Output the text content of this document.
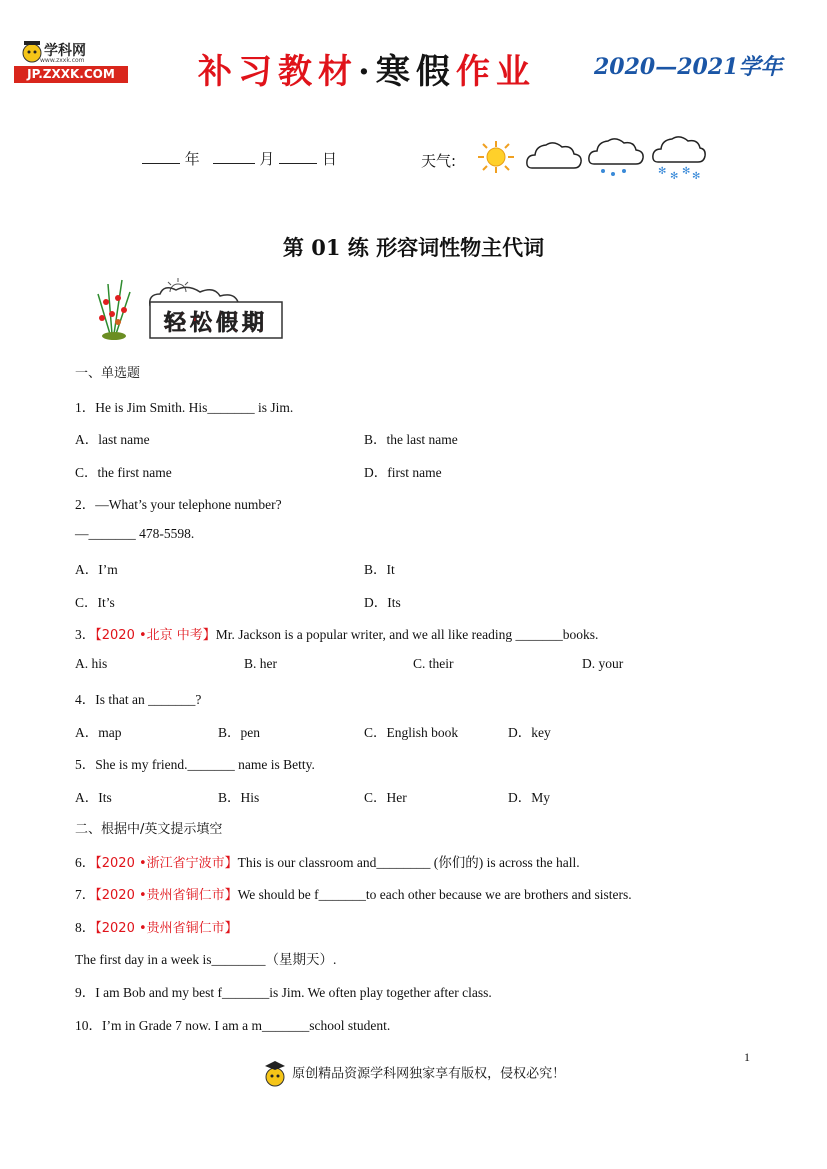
学科网
www.zxxk.com
JP.ZXXK.COM	补习教材·寒假作业	2020—2021学年
年	月	日	天气:
✻ ✻ ✻ ✻
第 01 练 形容词性物主代词
轻松假期
一、单选题
1．He is Jim Smith. His_______ is Jim.
A．last name	B．the last name
C．the first name	D．first name
2．—What’s your telephone number?
—_______ 478-5598.
A．I’m	B．It
C．It’s	D．Its
3．【2020 •北京 中考】Mr. Jackson is a popular writer, and we all like reading _______books.
A. his	B. her	C. their	D. your
4．Is that an _______?
A．map	B．pen	C．English book	D．key
5．She is my friend._______ name is Betty.
A．Its	B．His	C．Her	D．My
二、根据中/英文提示填空
6．【2020 •浙江省宁波市】This is our classroom and________ (你们的) is across the hall.
7．【2020 •贵州省铜仁市】We should be f_______to each other because we are brothers and sisters.
8．【2020 •贵州省铜仁市】
The first day in a week is________（星期天）.
9．I am Bob and my best f_______is Jim. We often play together after class.
10．I’m in Grade 7 now. I am a m_______school student.
1
原创精品资源学科网独家享有版权，侵权必究！
